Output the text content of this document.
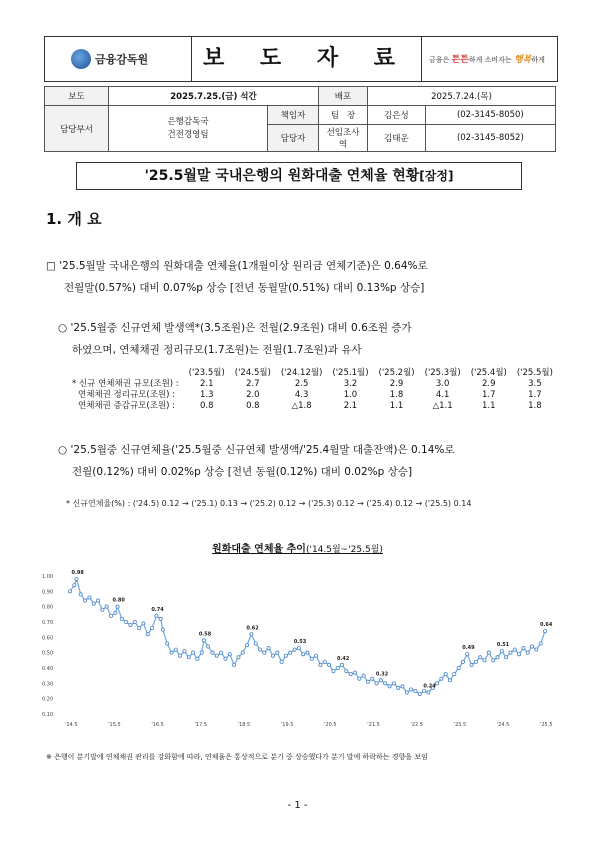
금융감독원	보 도 자 료	금융은 튼튼하게 소비자는 행복하게
보도	2025.7.25.(금) 석간		배포	2025.7.24.(목)	
담당부서	은행감독국
건전경영팀	책임자	팀   장	김은성	(02-3145-8050)
		담당자	선임조사역	김태운	(02-3145-8052)
'25.5월말 국내은행의 원화대출 연체율 현황[잠정]
1. 개 요
□ '25.5월말 국내은행의 원화대출 연체율(1개월이상 원리금 연체기준)은 0.64%로
전월말(0.57%) 대비 0.07%p 상승 [전년 동월말(0.51%) 대비 0.13%p 상승]
○ '25.5월중 신규연체 발생액*(3.5조원)은 전월(2.9조원) 대비 0.6조원 증가
하였으며, 연체채권 정리규모(1.7조원)는 전월(1.7조원)과 유사
	('23.5월)	('24.5월)	('24.12월)	('25.1월)	('25.2월)	('25.3월)	('25.4월)	('25.5월)
* 신규 연체채권 규모(조원) :	2.1	2.7	2.5	3.2	2.9	3.0	2.9	3.5
연체채권 정리규모(조원) :	1.3	2.0	4.3	1.0	1.8	4.1	1.7	1.7
연체채권 증감규모(조원) :	0.8	0.8	△1.8	2.1	1.1	△1.1	1.1	1.8
○ '25.5월중 신규연체율('25.5월중 신규연체 발생액/'25.4월말 대출잔액)은 0.14%로
전월(0.12%) 대비 0.02%p 상승 [전년 동월(0.12%) 대비 0.02%p 상승]
* 신규연체율(%) : ('24.5) 0.12 → ('25.1) 0.13 → ('25.2) 0.12 → ('25.3) 0.12 → ('25.4) 0.12 → ('25.5) 0.14
원화대출 연체율 추이('14.5월~'25.5월)
1.00
0.90
0.80
0.70
0.60
0.50
0.40
0.30
0.20
0.10
'14.5	'15.5	'16.5	'17.5	'18.5	'19.5	'20.5	'21.5	'22.5	'23.5	'24.5	'25.5
0.98
0.80
0.74
0.58
0.62
0.53
0.42
0.32
0.24
0.49
0.51
0.64
※ 은행이 분기말에 연체채권 관리를 강화함에 따라, 연체율은 통상적으로 분기 중 상승했다가 분기 말에 하락하는 경향을 보임
- 1 -
